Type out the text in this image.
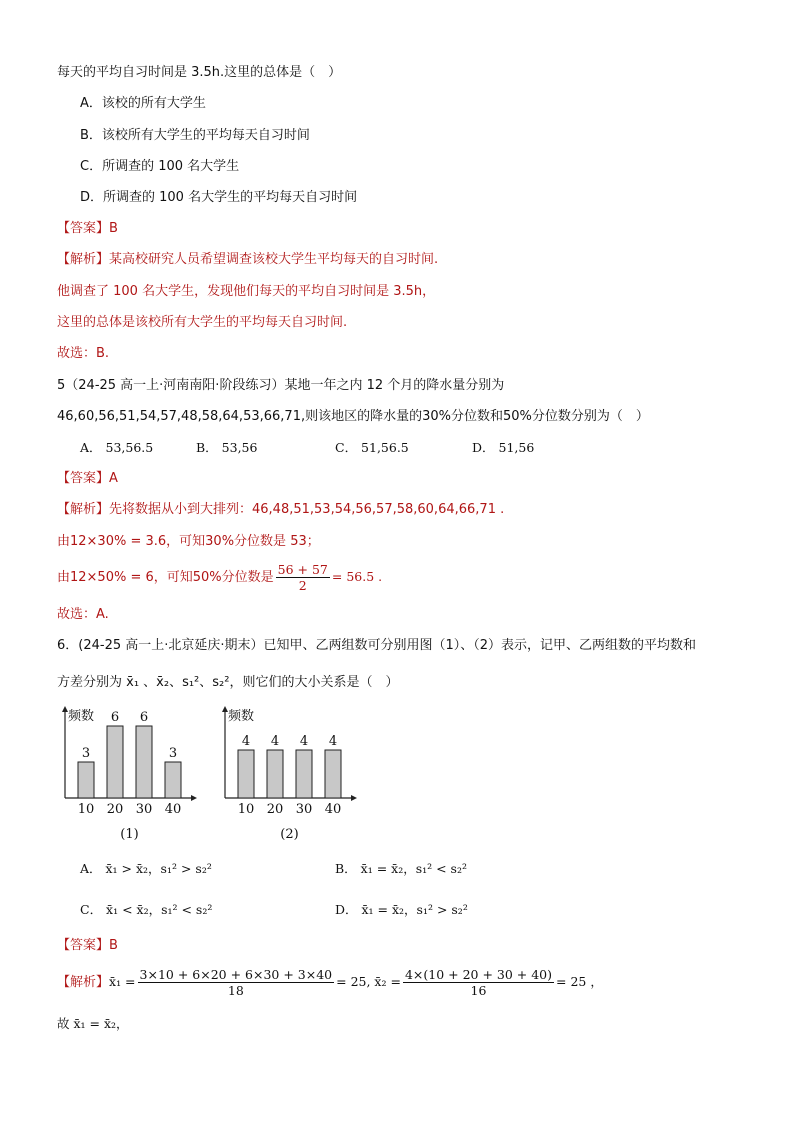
每天的平均自习时间是 3.5h.这里的总体是（　）
A．该校的所有大学生
B．该校所有大学生的平均每天自习时间
C．所调查的 100 名大学生
D．所调查的 100 名大学生的平均每天自习时间
【答案】B
【解析】某高校研究人员希望调查该校大学生平均每天的自习时间.
他调查了 100 名大学生，发现他们每天的平均自习时间是 3.5h，
这里的总体是该校所有大学生的平均每天自习时间.
故选：B.
5（24-25 高一上·河南南阳·阶段练习）某地一年之内 12 个月的降水量分别为
46,60,56,51,54,57,48,58,64,53,66,71,则该地区的降水量的30%分位数和50%分位数分别为（　）
A． 53,56.5	B． 53,56	C． 51,56.5	D． 51,56
【答案】A
【解析】先将数据从小到大排列：46,48,51,53,54,56,57,58,60,64,66,71 .
由12×30% = 3.6，可知30%分位数是 53；
由12×50% = 6，可知50%分位数是 $\frac{56 + 57}{2} = 56.5$ .
故选：A.
6．(24-25 高一上·北京延庆·期末）已知甲、乙两组数可分别用图（1）、（2）表示，记甲、乙两组数的平均数和
方差分别为 x̄₁ 、x̄₂、s₁²、s₂²，则它们的大小关系是（　）
频数
3
10
6
20
6
30
3
40
(1)
频数
4
10
4
20
4
30
4
40
(2)
A． x̄₁ > x̄₂，s₁² > s₂²	B． x̄₁ = x̄₂，s₁² < s₂²
C． x̄₁ < x̄₂，s₁² < s₂²	D． x̄₁ = x̄₂，s₁² > s₂²
【答案】B
【解析】x̄₁ = $\frac{3\times 10 + 6\times 20 + 6\times 30 + 3\times 40}{18} = 25$, x̄₂ = $\frac{4\times(10 + 20 + 30 + 40)}{16} = 25$ ，
故 x̄₁ = x̄₂，
